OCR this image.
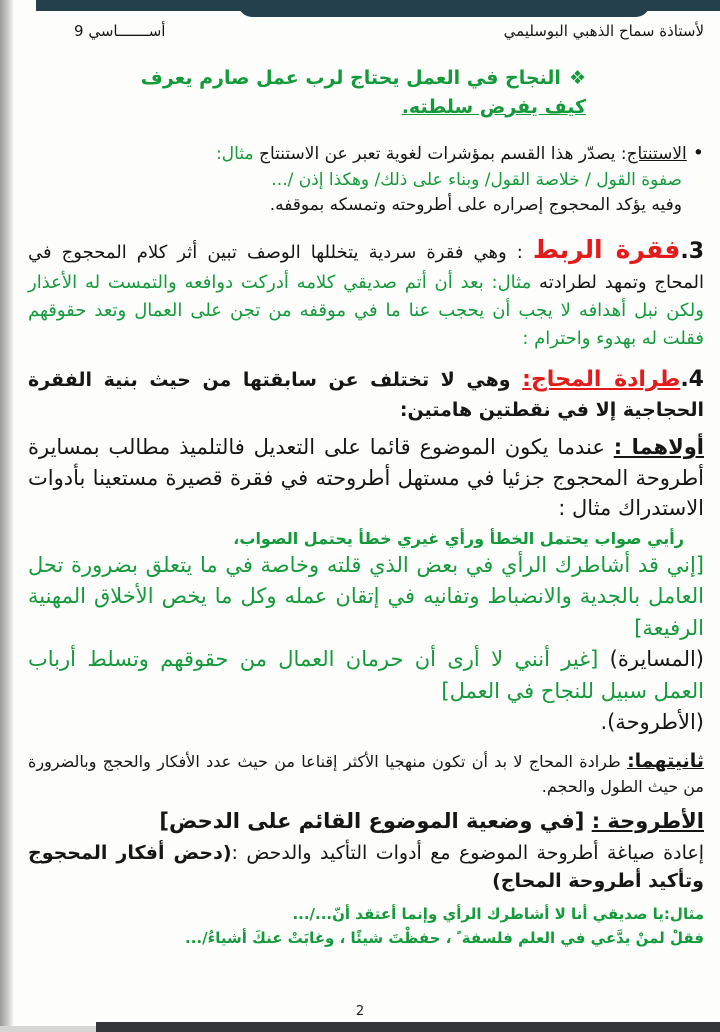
لأستاذة سماح الذهبي البوسليمي
9 أســـــــاسي
❖النجاح في العمل يحتاج لرب عمل صارم يعرف
كيف يفرض سلطته.
•الاستنتاج: يصدّر هذا القسم بمؤشرات لغوية تعبر عن الاستنتاج مثال:
صفوة القول / خلاصة القول/ وبناء على ذلك/ وهكذا إذن /...
وفيه يؤكد المحجوج إصراره على أطروحته وتمسكه بموقفه.

3.فقرة الربط : وهي فقرة سردية يتخللها الوصف تبين أثر كلام المحجوج في المحاج وتمهد لطرادته مثال: بعد أن أتم صديقي كلامه أدركت دوافعه والتمست له الأعذار ولكن نبل أهدافه لا يجب أن يحجب عنا ما في موقفه من تجن على العمال وتعد حقوقهم فقلت له بهدوء واحترام :

4.طرادة المحاج: وهي لا تختلف عن سابقتها من حيث بنية الفقرة الحجاجية إلا في نقطتين هامتين:

أولاهما : عندما يكون الموضوع قائما على التعديل فالتلميذ مطالب بمسايرة أطروحة المحجوج جزئيا في مستهل أطروحته في فقرة قصيرة مستعينا بأدوات الاستدراك مثال :

رأيي صواب يحتمل الخطأ ورأي غيري خطأ يحتمل الصواب،
[إني قد أشاطرك الرأي في بعض الذي قلته وخاصة في ما يتعلق بضرورة تحل العامل بالجدية والانضباط وتفانيه في إتقان عمله وكل ما يخص الأخلاق المهنية الرفيعة]

(المسايرة) [غير أنني لا أرى أن حرمان العمال من حقوقهم وتسلط أرباب العمل سبيل للنجاح في العمل]
(الأطروحة).

ثانيتهما: طرادة المحاج لا بد أن تكون منهجيا الأكثر إقناعا من حيث عدد الأفكار والحجج وبالضرورة من حيث الطول والحجم.

الأطروحة : [في وضعية الموضوع القائم على الدحض]

إعادة صياغة أطروحة الموضوع مع أدوات التأكيد والدحض :(دحض أفكار المحجوج وتأكيد أطروحة المحاج)

مثال:يا صديقي أنا لا أشاطرك الرأي وإنما أعتقد أنّ.../...
فقلْ لمنْ يدَّعي في العلم فلسفة ً ، حفظْتَ شيئًا ، وغابَتْ عنكَ أشياءُ/...
2
